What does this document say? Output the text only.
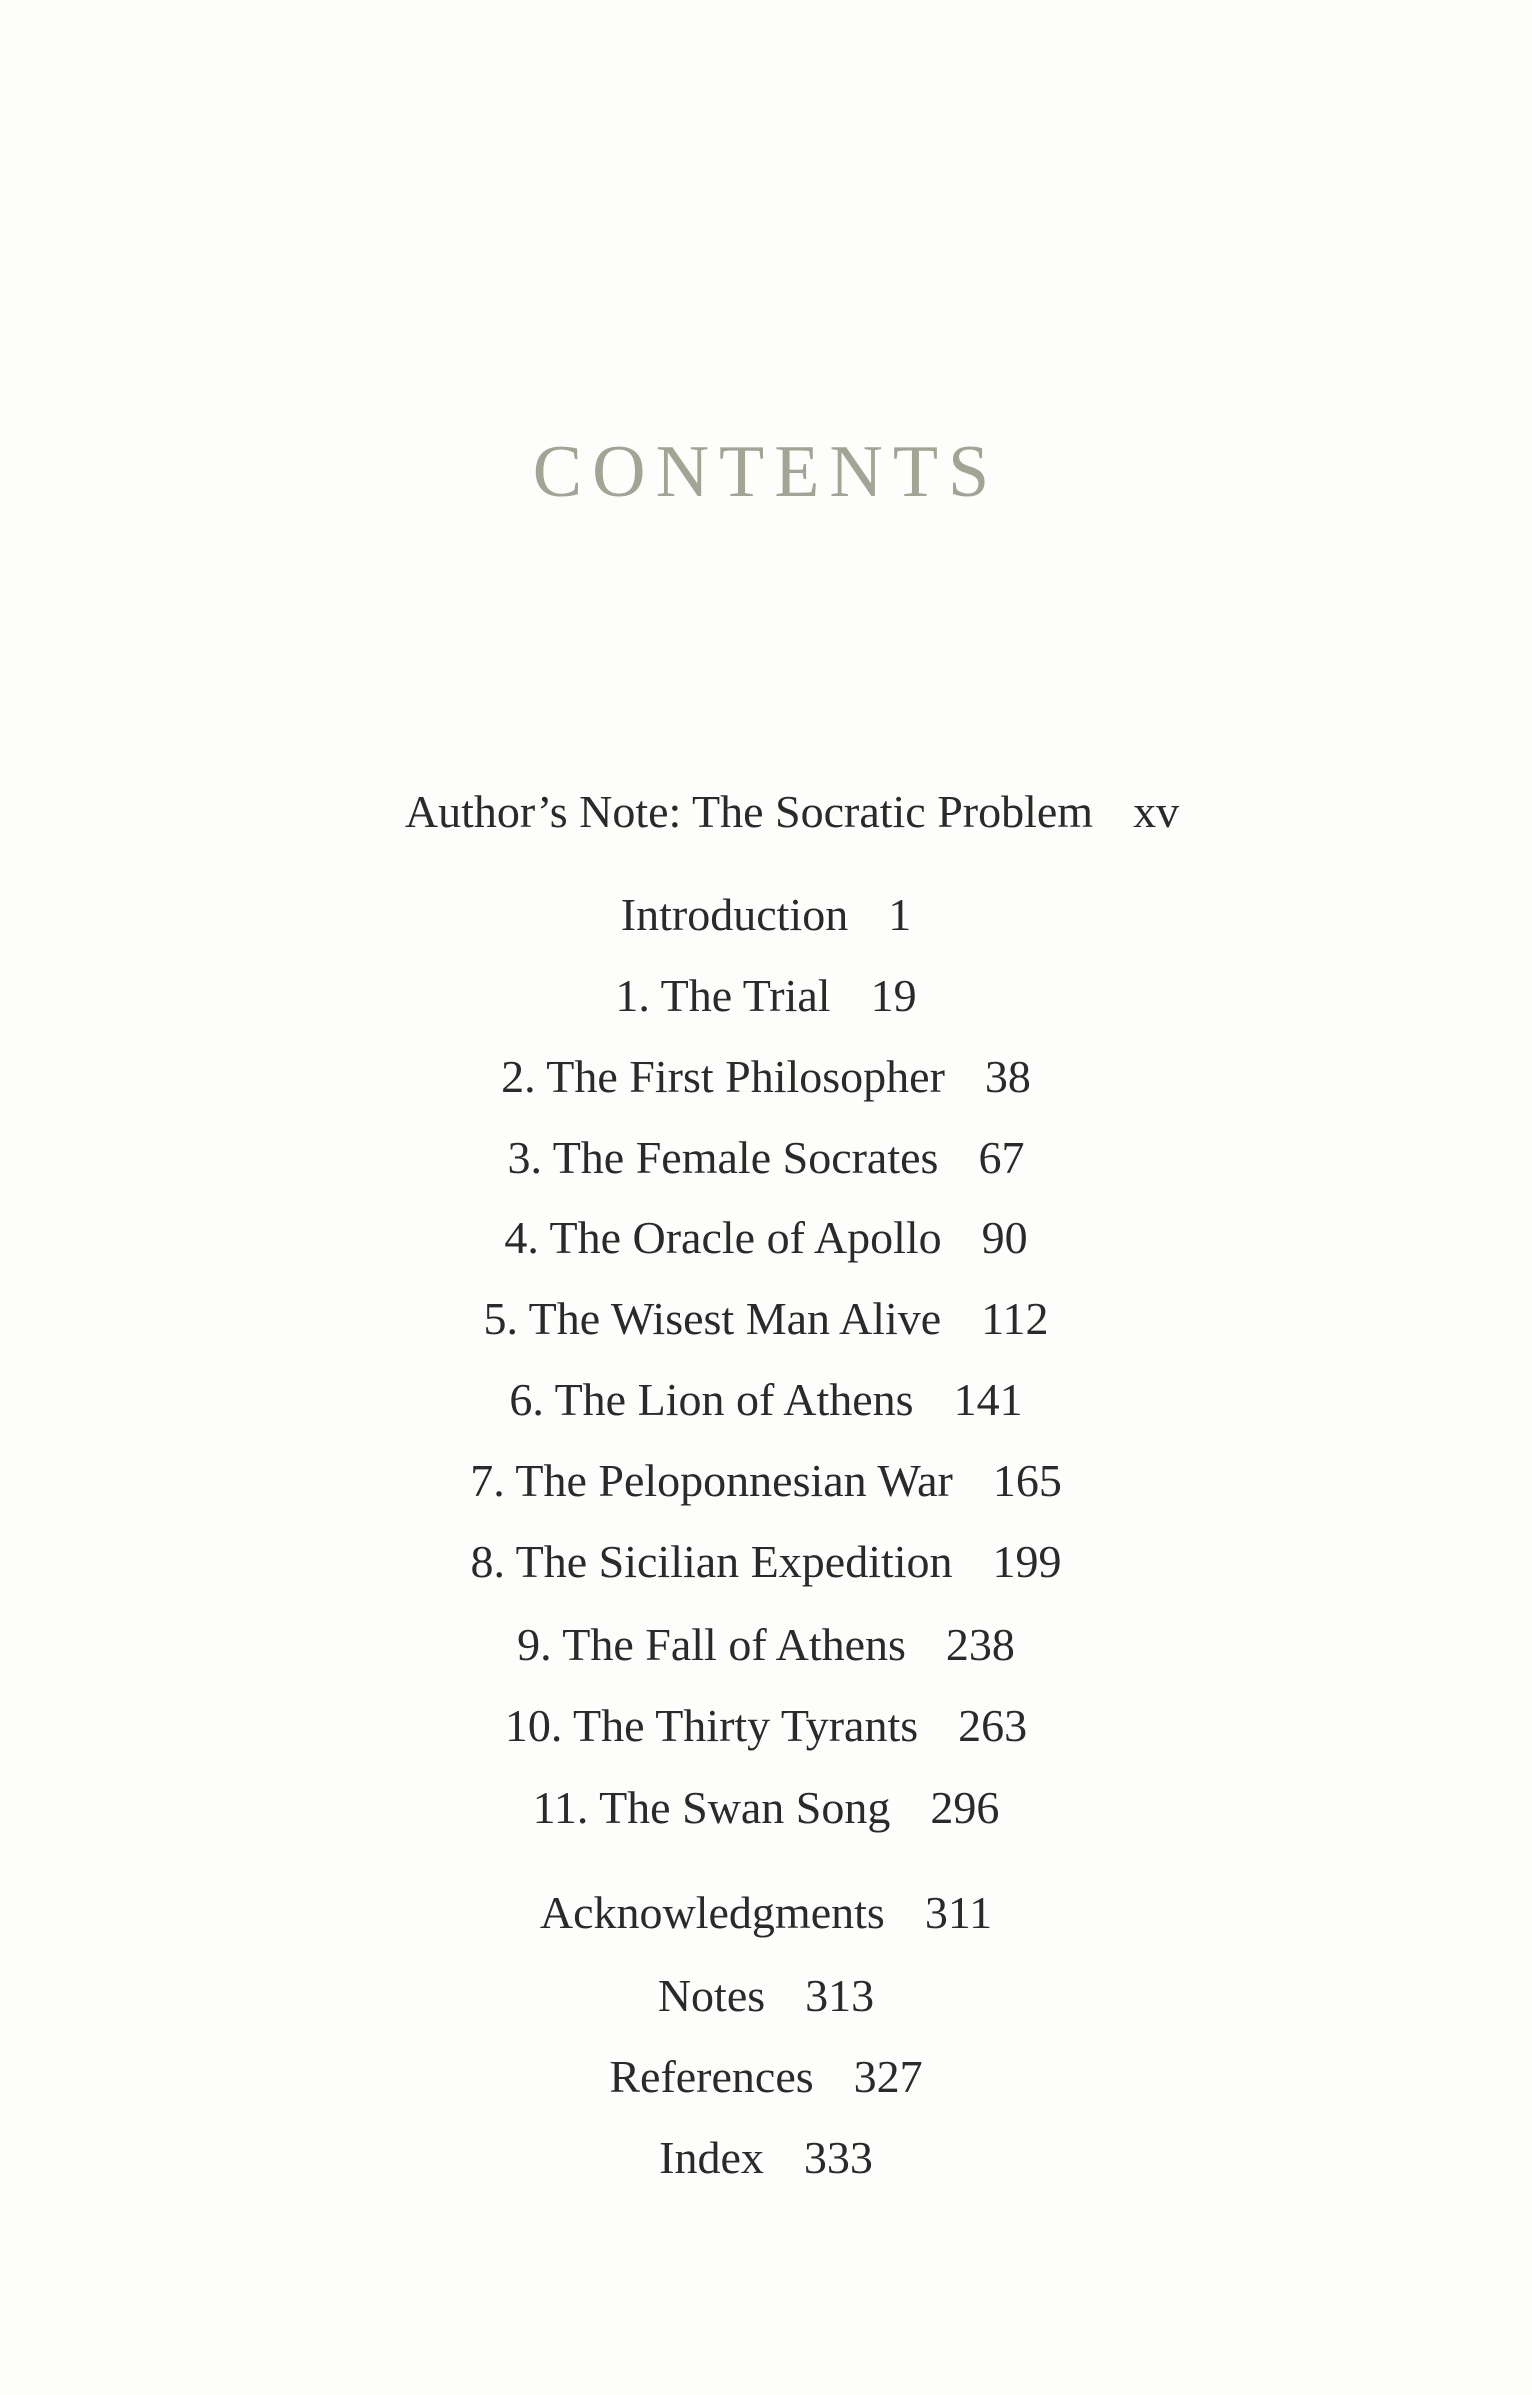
CONTENTS
Author’s Note: The Socratic Problem xv
Introduction 1
1. The Trial 19
2. The First Philosopher 38
3. The Female Socrates 67
4. The Oracle of Apollo 90
5. The Wisest Man Alive 112
6. The Lion of Athens 141
7. The Peloponnesian War 165
8. The Sicilian Expedition 199
9. The Fall of Athens 238
10. The Thirty Tyrants 263
11. The Swan Song 296
Acknowledgments 311
Notes 313
References 327
Index 333
